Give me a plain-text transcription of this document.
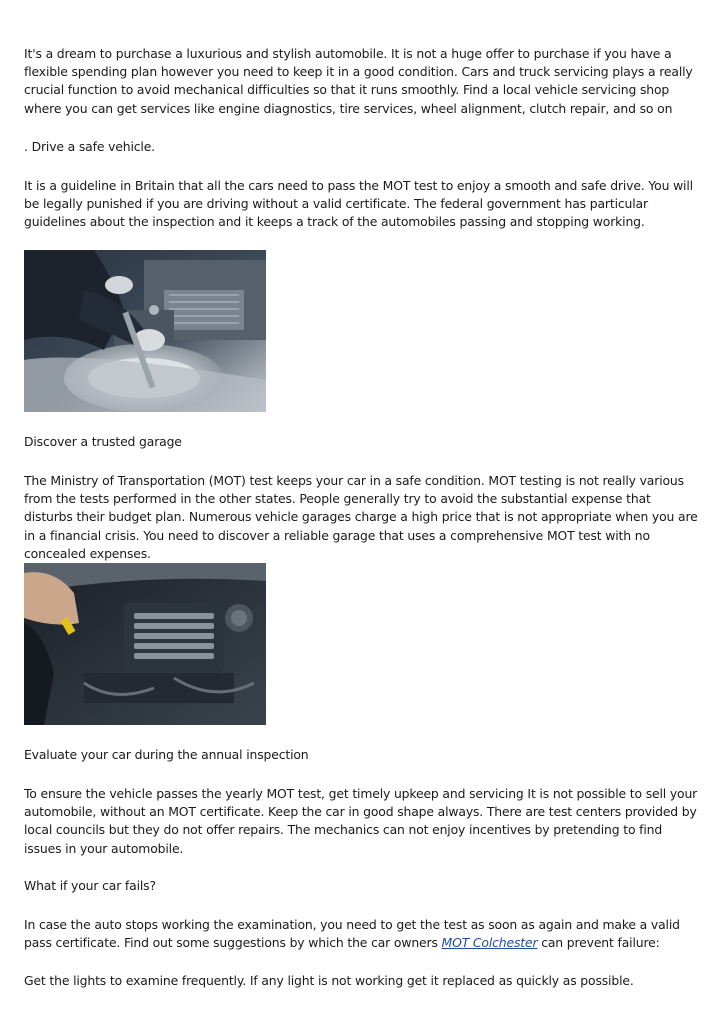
It's a dream to purchase a luxurious and stylish automobile. It is not a huge offer to purchase if you have a flexible spending plan however you need to keep it in a good condition. Cars and truck servicing plays a really crucial function to avoid mechanical difficulties so that it runs smoothly. Find a local vehicle servicing shop where you can get services like engine diagnostics, tire services, wheel alignment, clutch repair, and so on

. Drive a safe vehicle.

It is a guideline in Britain that all the cars need to pass the MOT test to enjoy a smooth and safe drive. You will be legally punished if you are driving without a valid certificate. The federal government has particular guidelines about the inspection and it keeps a track of the automobiles passing and stopping working.

Discover a trusted garage

The Ministry of Transportation (MOT) test keeps your car in a safe condition. MOT testing is not really various from the tests performed in the other states. People generally try to avoid the substantial expense that disturbs their budget plan. Numerous vehicle garages charge a high price that is not appropriate when you are in a financial crisis. You need to discover a reliable garage that uses a comprehensive MOT test with no concealed expenses.

Evaluate your car during the annual inspection

To ensure the vehicle passes the yearly MOT test, get timely upkeep and servicing It is not possible to sell your automobile, without an MOT certificate. Keep the car in good shape always. There are test centers provided by local councils but they do not offer repairs. The mechanics can not enjoy incentives by pretending to find issues in your automobile.

What if your car fails?

In case the auto stops working the examination, you need to get the test as soon as again and make a valid pass certificate. Find out some suggestions by which the car owners MOT Colchester can prevent failure:

Get the lights to examine frequently. If any light is not working get it replaced as quickly as possible.
